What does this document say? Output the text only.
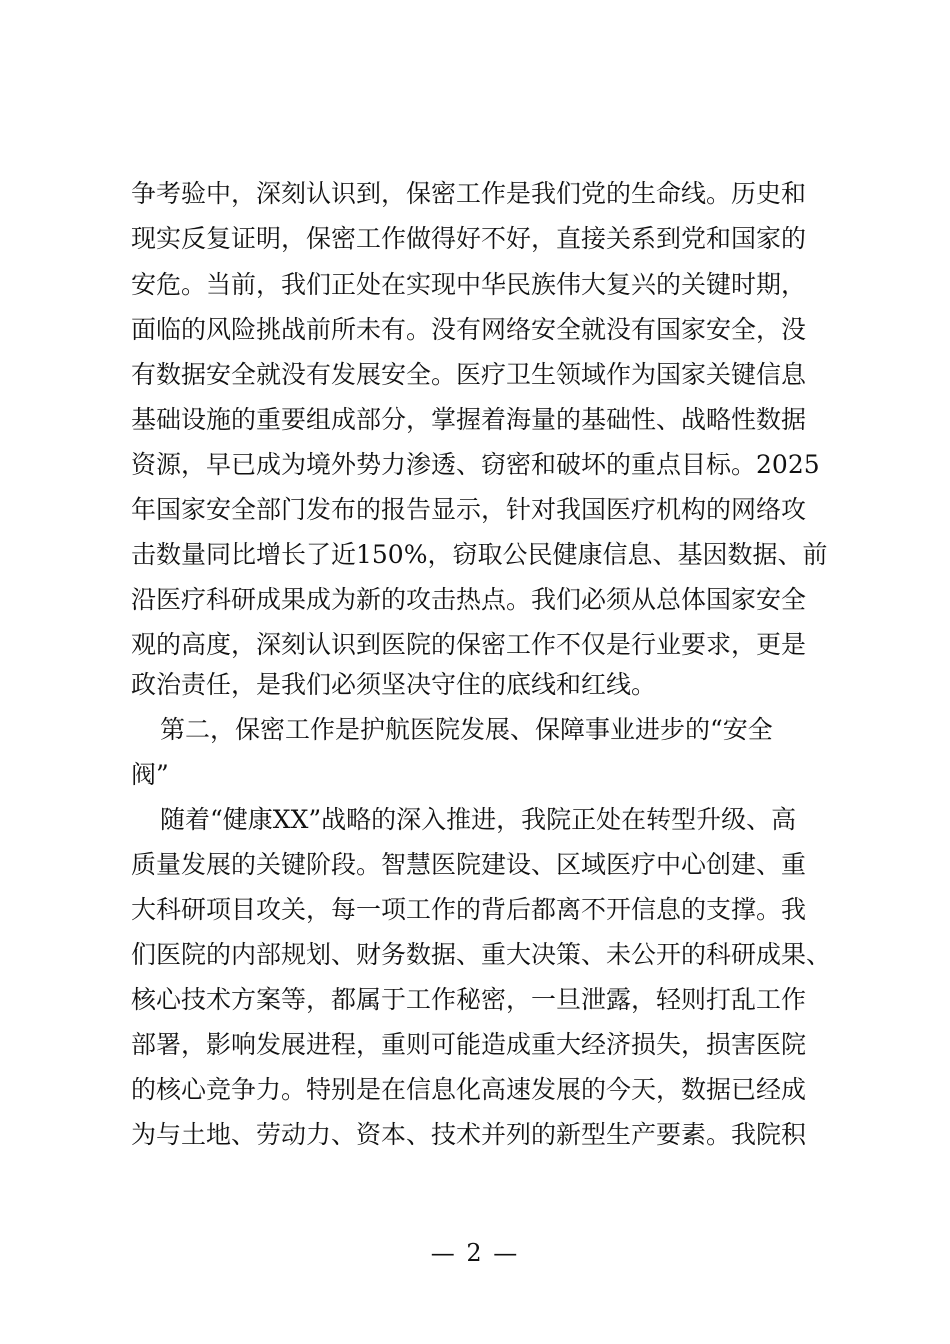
争考验中，深刻认识到，保密工作是我们党的生命线。历史和
现实反复证明，保密工作做得好不好，直接关系到党和国家的
安危。当前，我们正处在实现中华民族伟大复兴的关键时期，
面临的风险挑战前所未有。没有网络安全就没有国家安全，没
有数据安全就没有发展安全。医疗卫生领域作为国家关键信息
基础设施的重要组成部分，掌握着海量的基础性、战略性数据
资源，早已成为境外势力渗透、窃密和破坏的重点目标。2025
年国家安全部门发布的报告显示，针对我国医疗机构的网络攻
击数量同比增长了近150%，窃取公民健康信息、基因数据、前
沿医疗科研成果成为新的攻击热点。我们必须从总体国家安全
观的高度，深刻认识到医院的保密工作不仅是行业要求，更是
政治责任，是我们必须坚决守住的底线和红线。
第二，保密工作是护航医院发展、保障事业进步的“安全
阀”
随着“健康XX”战略的深入推进，我院正处在转型升级、高
质量发展的关键阶段。智慧医院建设、区域医疗中心创建、重
大科研项目攻关，每一项工作的背后都离不开信息的支撑。我
们医院的内部规划、财务数据、重大决策、未公开的科研成果、
核心技术方案等，都属于工作秘密，一旦泄露，轻则打乱工作
部署，影响发展进程，重则可能造成重大经济损失，损害医院
的核心竞争力。特别是在信息化高速发展的今天，数据已经成
为与土地、劳动力、资本、技术并列的新型生产要素。我院积
— 2 —
